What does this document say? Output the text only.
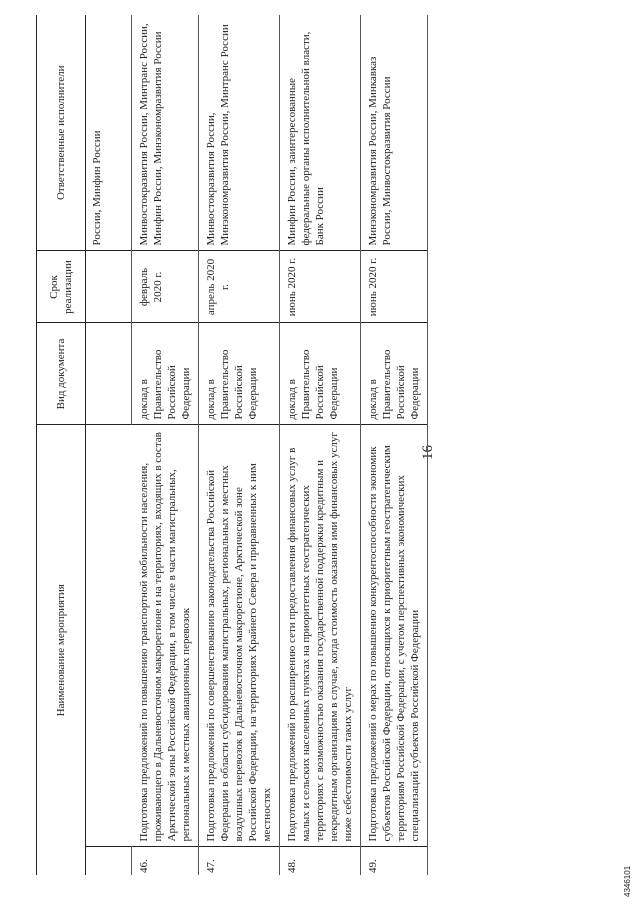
16
Наименование мероприятия		Вид документа	Срок реализации	Ответственные исполнители
				России, Минфин России
46.	Подготовка предложений по повышению транспортной мобильности населения, проживающего в Дальневосточном макрорегионе и на территориях, входящих в состав Арктической зоны Российской Федерации, в том числе в части магистральных, региональных и местных авиационных перевозок	доклад в Правительство Российской Федерации	февраль 2020 г.	Минвостокразвития России, Минтранс России, Минфин России, Минэкономразвития России
47.	Подготовка предложений по совершенствованию законодательства Российской Федерации в области субсидирования магистральных, региональных и местных воздушных перевозок в Дальневосточном макрорегионе, Арктической зоне Российской Федерации, на территориях Крайнего Севера и приравненных к ним местностях	доклад в Правительство Российской Федерации	апрель 2020 г.	Минвостокразвития России, Минэкономразвития России, Минтранс России
48.	Подготовка предложений по расширению сети предоставления финансовых услуг в малых и сельских населенных пунктах на приоритетных геостратегических территориях с возможностью оказания государственной поддержки кредитным и некредитным организациям в случае, когда стоимость оказания ими финансовых услуг ниже себестоимости таких услуг	доклад в Правительство Российской Федерации	июнь 2020 г.	Минфин России, заинтересованные федеральные органы исполнительной власти, Банк России
49.	Подготовка предложений о мерах по повышению конкурентоспособности экономик субъектов Российской Федерации, относящихся к приоритетным геостратегическим территориям Российской Федерации, с учетом перспективных экономических специализаций субъектов Российской Федерации	доклад в Правительство Российской Федерации	июнь 2020 г.	Минэкономразвития России, Минкавказ России, Минвостокразвития России
4346101
